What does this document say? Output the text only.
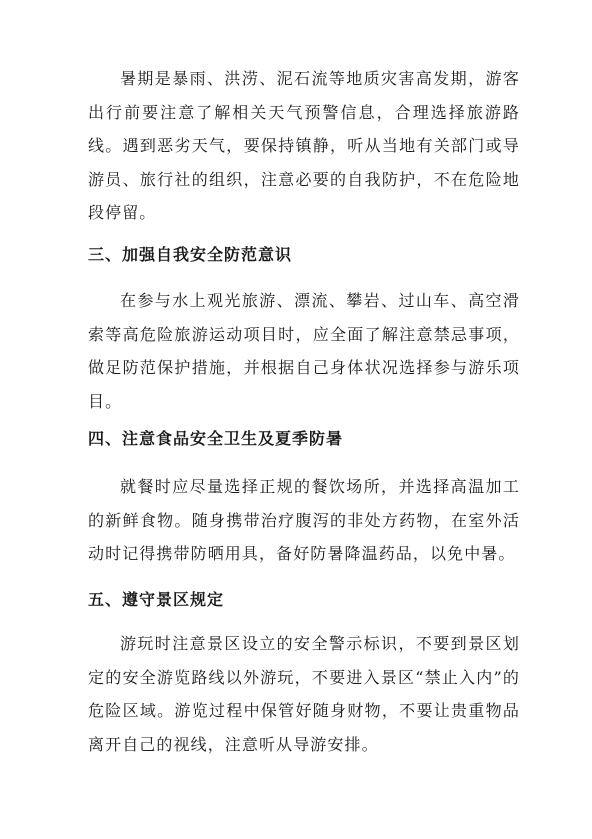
暑期是暴雨、洪涝、泥石流等地质灾害高发期，游客出行前要注意了解相关天气预警信息，合理选择旅游路线。遇到恶劣天气，要保持镇静，听从当地有关部门或导游员、旅行社的组织，注意必要的自我防护，不在危险地段停留。

三、加强自我安全防范意识

在参与水上观光旅游、漂流、攀岩、过山车、高空滑索等高危险旅游运动项目时，应全面了解注意禁忌事项，做足防范保护措施，并根据自己身体状况选择参与游乐项目。

四、注意食品安全卫生及夏季防暑

就餐时应尽量选择正规的餐饮场所，并选择高温加工的新鲜食物。随身携带治疗腹泻的非处方药物，在室外活动时记得携带防晒用具，备好防暑降温药品，以免中暑。

五、遵守景区规定

游玩时注意景区设立的安全警示标识，不要到景区划定的安全游览路线以外游玩，不要进入景区“禁止入内”的危险区域。游览过程中保管好随身财物，不要让贵重物品离开自己的视线，注意听从导游安排。
